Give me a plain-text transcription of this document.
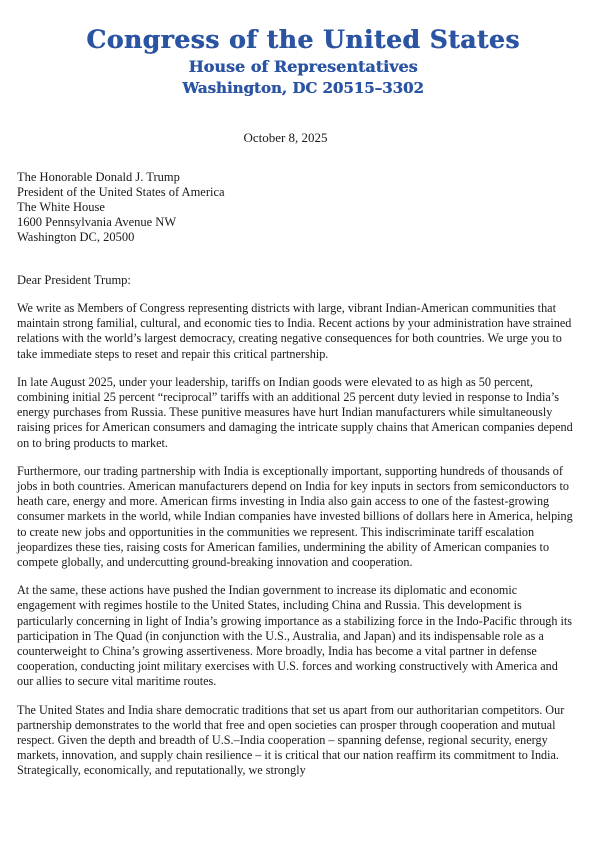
Congress of the United States
House of Representatives
Washington, DC 20515–3302
October 8, 2025
The Honorable Donald J. Trump
President of the United States of America
The White House
1600 Pennsylvania Avenue NW
Washington DC, 20500
Dear President Trump:

We write as Members of Congress representing districts with large, vibrant Indian-American communities that maintain strong familial, cultural, and economic ties to India. Recent actions by your administration have strained relations with the world’s largest democracy, creating negative consequences for both countries. We urge you to take immediate steps to reset and repair this critical partnership.

In late August 2025, under your leadership, tariffs on Indian goods were elevated to as high as 50 percent, combining initial 25 percent “reciprocal” tariffs with an additional 25 percent duty levied in response to India’s energy purchases from Russia. These punitive measures have hurt Indian manufacturers while simultaneously raising prices for American consumers and damaging the intricate supply chains that American companies depend on to bring products to market.

Furthermore, our trading partnership with India is exceptionally important, supporting hundreds of thousands of jobs in both countries. American manufacturers depend on India for key inputs in sectors from semiconductors to heath care, energy and more. American firms investing in India also gain access to one of the fastest-growing consumer markets in the world, while Indian companies have invested billions of dollars here in America, helping to create new jobs and opportunities in the communities we represent. This indiscriminate tariff escalation jeopardizes these ties, raising costs for American families, undermining the ability of American companies to compete globally, and undercutting ground-breaking innovation and cooperation.

At the same, these actions have pushed the Indian government to increase its diplomatic and economic engagement with regimes hostile to the United States, including China and Russia. This development is particularly concerning in light of India’s growing importance as a stabilizing force in the Indo-Pacific through its participation in The Quad (in conjunction with the U.S., Australia, and Japan) and its indispensable role as a counterweight to China’s growing assertiveness. More broadly, India has become a vital partner in defense cooperation, conducting joint military exercises with U.S. forces and working constructively with America and our allies to secure vital maritime routes.

The United States and India share democratic traditions that set us apart from our authoritarian competitors. Our partnership demonstrates to the world that free and open societies can prosper through cooperation and mutual respect. Given the depth and breadth of U.S.–India cooperation – spanning defense, regional security, energy markets, innovation, and supply chain resilience – it is critical that our nation reaffirm its commitment to India. Strategically, economically, and reputationally, we strongly
